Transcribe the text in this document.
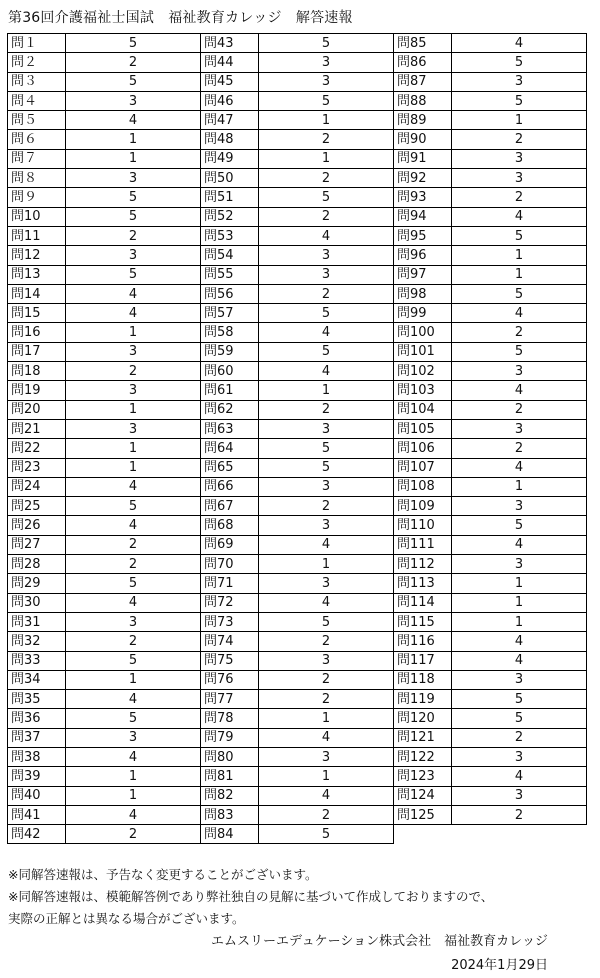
第36回介護福祉士国試　福祉教育カレッジ　解答速報
問１	5	問43	5	問85	4
問２	2	問44	3	問86	5
問３	5	問45	3	問87	3
問４	3	問46	5	問88	5
問５	4	問47	1	問89	1
問６	1	問48	2	問90	2
問７	1	問49	1	問91	3
問８	3	問50	2	問92	3
問９	5	問51	5	問93	2
問10	5	問52	2	問94	4
問11	2	問53	4	問95	5
問12	3	問54	3	問96	1
問13	5	問55	3	問97	1
問14	4	問56	2	問98	5
問15	4	問57	5	問99	4
問16	1	問58	4	問100	2
問17	3	問59	5	問101	5
問18	2	問60	4	問102	3
問19	3	問61	1	問103	4
問20	1	問62	2	問104	2
問21	3	問63	3	問105	3
問22	1	問64	5	問106	2
問23	1	問65	5	問107	4
問24	4	問66	3	問108	1
問25	5	問67	2	問109	3
問26	4	問68	3	問110	5
問27	2	問69	4	問111	4
問28	2	問70	1	問112	3
問29	5	問71	3	問113	1
問30	4	問72	4	問114	1
問31	3	問73	5	問115	1
問32	2	問74	2	問116	4
問33	5	問75	3	問117	4
問34	1	問76	2	問118	3
問35	4	問77	2	問119	5
問36	5	問78	1	問120	5
問37	3	問79	4	問121	2
問38	4	問80	3	問122	3
問39	1	問81	1	問123	4
問40	1	問82	4	問124	3
問41	4	問83	2	問125	2
問42	2	問84	5		
※同解答速報は、予告なく変更することがございます。
※同解答速報は、模範解答例であり弊社独自の見解に基づいて作成しておりますので、
実際の正解とは異なる場合がございます。
エムスリーエデュケーション株式会社　福祉教育カレッジ
2024年1月29日
